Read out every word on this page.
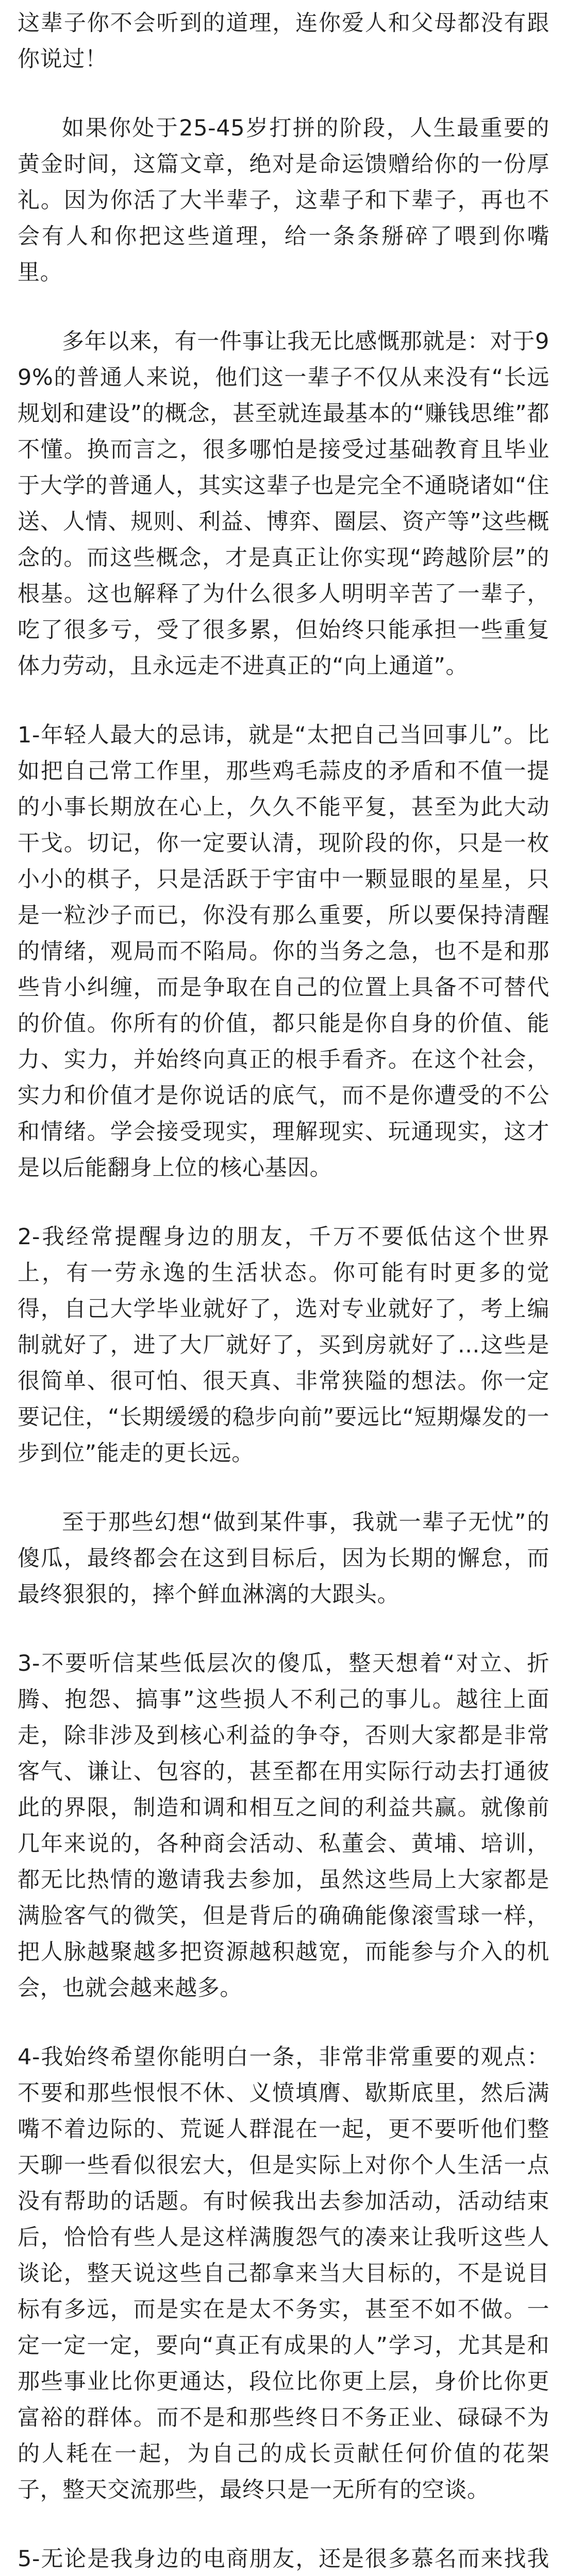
这辈子你不会听到的道理，连你爱人和父母都没有跟你说过！

如果你处于25-45岁打拼的阶段，人生最重要的黄金时间，这篇文章，绝对是命运馈赠给你的一份厚礼。因为你活了大半辈子，这辈子和下辈子，再也不会有人和你把这些道理，给一条条掰碎了喂到你嘴里。

多年以来，有一件事让我无比感慨那就是：对于99%的普通人来说，他们这一辈子不仅从来没有“长远规划和建设”的概念，甚至就连最基本的“赚钱思维”都不懂。换而言之，很多哪怕是接受过基础教育且毕业于大学的普通人，其实这辈子也是完全不通晓诸如“住送、人情、规则、利益、博弈、圈层、资产等”这些概念的。而这些概念，才是真正让你实现“跨越阶层”的根基。这也解释了为什么很多人明明辛苦了一辈子，吃了很多亏，受了很多累，但始终只能承担一些重复体力劳动，且永远走不进真正的“向上通道”。

1-年轻人最大的忌讳，就是“太把自己当回事儿”。比如把自己常工作里，那些鸡毛蒜皮的矛盾和不值一提的小事长期放在心上，久久不能平复，甚至为此大动干戈。切记，你一定要认清，现阶段的你，只是一枚小小的棋子，只是活跃于宇宙中一颗显眼的星星，只是一粒沙子而已，你没有那么重要，所以要保持清醒的情绪，观局而不陷局。你的当务之急，也不是和那些肯小纠缠，而是争取在自己的位置上具备不可替代的价值。你所有的价值，都只能是你自身的价值、能力、实力，并始终向真正的根手看齐。在这个社会，实力和价值才是你说话的底气，而不是你遭受的不公和情绪。学会接受现实，理解现实、玩通现实，这才是以后能翻身上位的核心基因。

2-我经常提醒身边的朋友，千万不要低估这个世界上，有一劳永逸的生活状态。你可能有时更多的觉得，自己大学毕业就好了，选对专业就好了，考上编制就好了，进了大厂就好了，买到房就好了…这些是很简单、很可怕、很天真、非常狭隘的想法。你一定要记住，“长期缓缓的稳步向前”要远比“短期爆发的一步到位”能走的更长远。

至于那些幻想“做到某件事，我就一辈子无忧”的傻瓜，最终都会在这到目标后，因为长期的懈怠，而最终狠狠的，摔个鲜血淋漓的大跟头。

3-不要听信某些低层次的傻瓜，整天想着“对立、折腾、抱怨、搞事”这些损人不利己的事儿。越往上面走，除非涉及到核心利益的争夺，否则大家都是非常客气、谦让、包容的，甚至都在用实际行动去打通彼此的界限，制造和调和相互之间的利益共赢。就像前几年来说的，各种商会活动、私董会、黄埔、培训，都无比热情的邀请我去参加，虽然这些局上大家都是满脸客气的微笑，但是背后的确确能像滚雪球一样，把人脉越聚越多把资源越积越宽，而能参与介入的机会，也就会越来越多。

4-我始终希望你能明白一条，非常非常重要的观点：不要和那些恨恨不休、义愤填膺、歇斯底里，然后满嘴不着边际的、荒诞人群混在一起，更不要听他们整天聊一些看似很宏大，但是实际上对你个人生活一点没有帮助的话题。有时候我出去参加活动，活动结束后，恰恰有些人是这样满腹怨气的凑来让我听这些人谈论，整天说这些自己都拿来当大目标的，不是说目标有多远，而是实在是太不务实，甚至不如不做。一定一定一定，要向“真正有成果的人”学习，尤其是和那些事业比你更通达，段位比你更上层，身价比你更富裕的群体。而不是和那些终日不务正业、碌碌不为的人耗在一起，为自己的成长贡献任何价值的花架子，整天交流那些，最终只是一无所有的空谈。

5-无论是我身边的电商朋友，还是很多慕名而来找我
